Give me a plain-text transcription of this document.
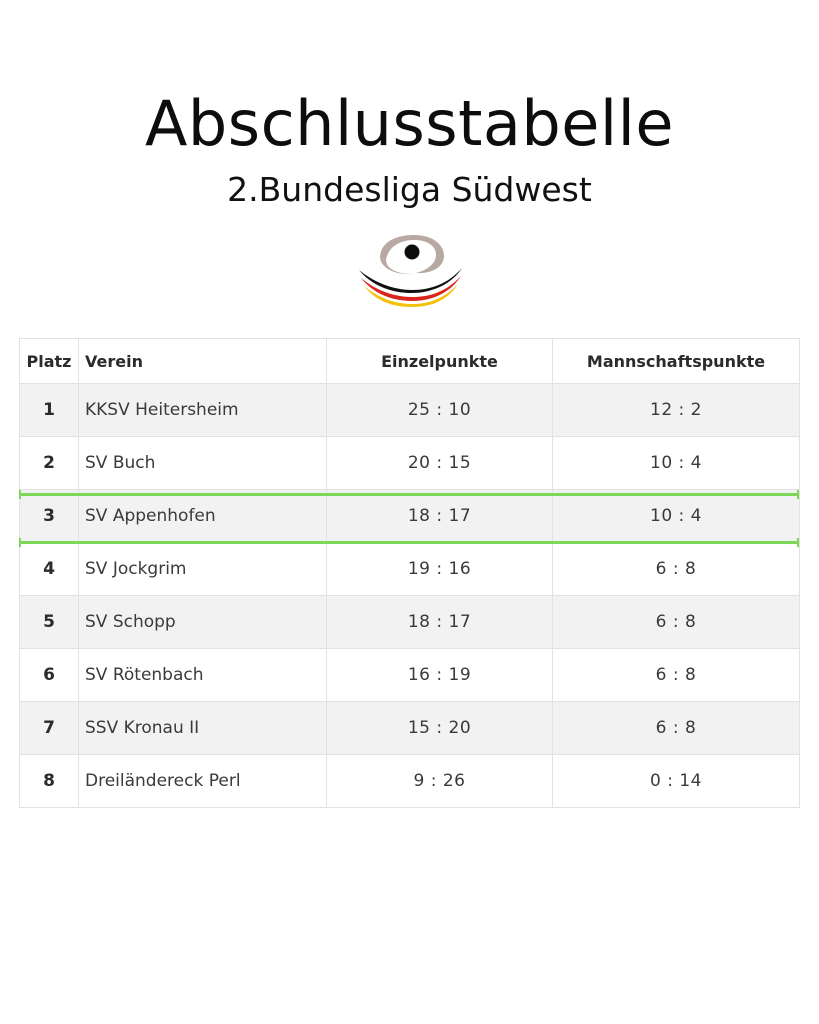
Abschlusstabelle
2.Bundesliga Südwest
Platz	Verein	Einzelpunkte	Mannschaftspunkte
1	KKSV Heitersheim	25 : 10	12 : 2
2	SV Buch	20 : 15	10 : 4
3	SV Appenhofen	18 : 17	10 : 4
4	SV Jockgrim	19 : 16	6 : 8
5	SV Schopp	18 : 17	6 : 8
6	SV Rötenbach	16 : 19	6 : 8
7	SSV Kronau II	15 : 20	6 : 8
8	Dreiländereck Perl	9 : 26	0 : 14
